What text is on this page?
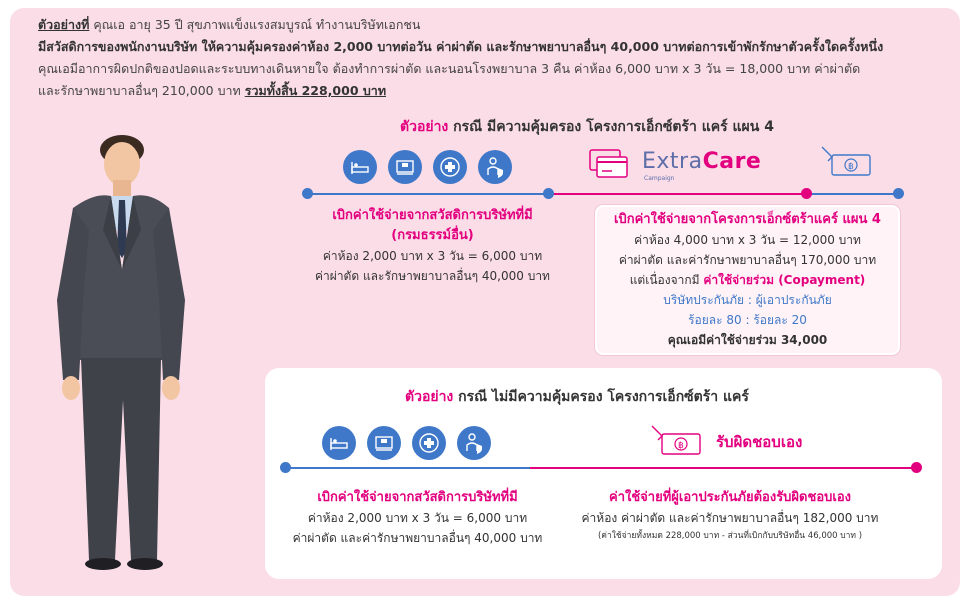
ตัวอย่างที่ คุณเอ อายุ 35 ปี สุขภาพแข็งแรงสมบูรณ์ ทำงานบริษัทเอกชน
มีสวัสดิการของพนักงานบริษัท ให้ความคุ้มครองค่าห้อง 2,000 บาทต่อวัน ค่าผ่าตัด และรักษาพยาบาลอื่นๆ 40,000 บาทต่อการเข้าพักรักษาตัวครั้งใดครั้งหนึ่ง
คุณเอมีอาการผิดปกติของปอดและระบบทางเดินหายใจ ต้องทำการผ่าตัด และนอนโรงพยาบาล 3 คืน ค่าห้อง 6,000 บาท x 3 วัน = 18,000 บาท ค่าผ่าตัด
และรักษาพยาบาลอื่นๆ 210,000 บาท รวมทั้งสิ้น 228,000 บาท
ตัวอย่าง กรณี มีความคุ้มครอง โครงการเอ็กซ์ตร้า แคร์ แผน 4
ExtraCare
Campaign
฿
เบิกค่าใช้จ่ายจากสวัสดิการบริษัทที่มี
(กรมธรรม์อื่น)
ค่าห้อง 2,000 บาท x 3 วัน = 6,000 บาท
ค่าผ่าตัด และรักษาพยาบาลอื่นๆ 40,000 บาท
เบิกค่าใช้จ่ายจากโครงการเอ็กซ์ตร้าแคร์ แผน 4
ค่าห้อง 4,000 บาท x 3 วัน = 12,000 บาท
ค่าผ่าตัด และค่ารักษาพยาบาลอื่นๆ 170,000 บาท
แต่เนื่องจากมี ค่าใช้จ่ายร่วม (Copayment)
บริษัทประกันภัย : ผู้เอาประกันภัย
ร้อยละ 80 : ร้อยละ 20
คุณเอมีค่าใช้จ่ายร่วม 34,000
ตัวอย่าง กรณี ไม่มีความคุ้มครอง โครงการเอ็กซ์ตร้า แคร์
฿ รับผิดชอบเอง
เบิกค่าใช้จ่ายจากสวัสดิการบริษัทที่มี
ค่าห้อง 2,000 บาท x 3 วัน = 6,000 บาท
ค่าผ่าตัด และค่ารักษาพยาบาลอื่นๆ 40,000 บาท
ค่าใช้จ่ายที่ผู้เอาประกันภัยต้องรับผิดชอบเอง
ค่าห้อง ค่าผ่าตัด และค่ารักษาพยาบาลอื่นๆ 182,000 บาท
(ค่าใช้จ่ายทั้งหมด 228,000 บาท - ส่วนที่เบิกกับบริษัทอื่น 46,000 บาท )
